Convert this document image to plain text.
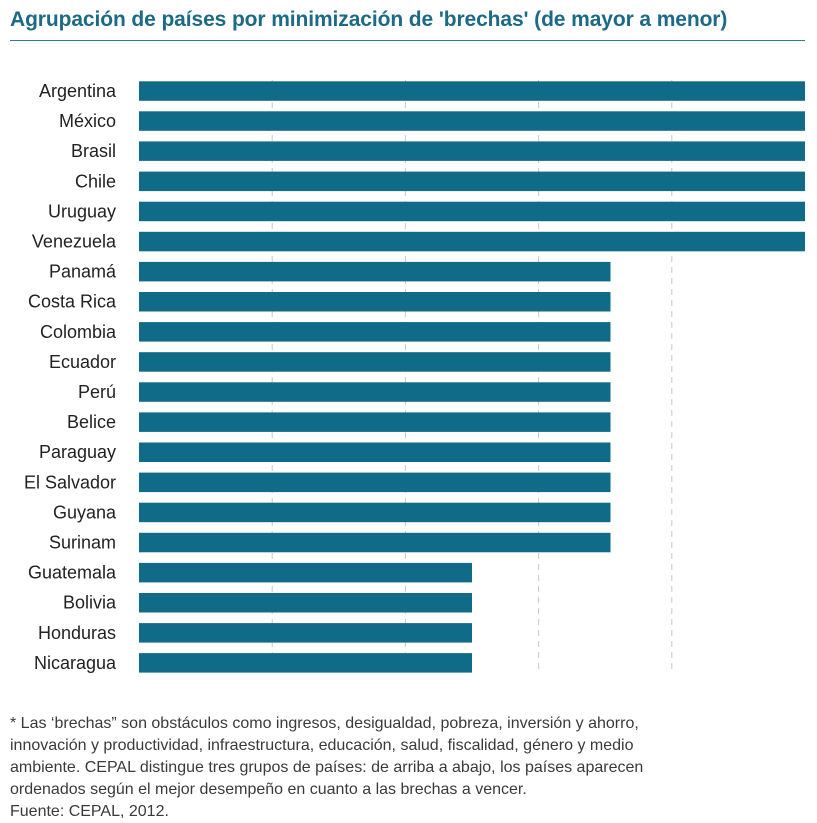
Agrupación de países por minimización de 'brechas' (de mayor a menor)
Argentina
México
Brasil
Chile
Uruguay
Venezuela
Panamá
Costa Rica
Colombia
Ecuador
Perú
Belice
Paraguay
El Salvador
Guyana
Surinam
Guatemala
Bolivia
Honduras
Nicaragua

* Las ‘brechas” son obstáculos como ingresos, desigualdad, pobreza, inversión y ahorro,

innovación y productividad, infraestructura, educación, salud, fiscalidad, género y medio

ambiente. CEPAL distingue tres grupos de países: de arriba a abajo, los países aparecen

ordenados según el mejor desempeño en cuanto a las brechas a vencer.

Fuente: CEPAL, 2012.
